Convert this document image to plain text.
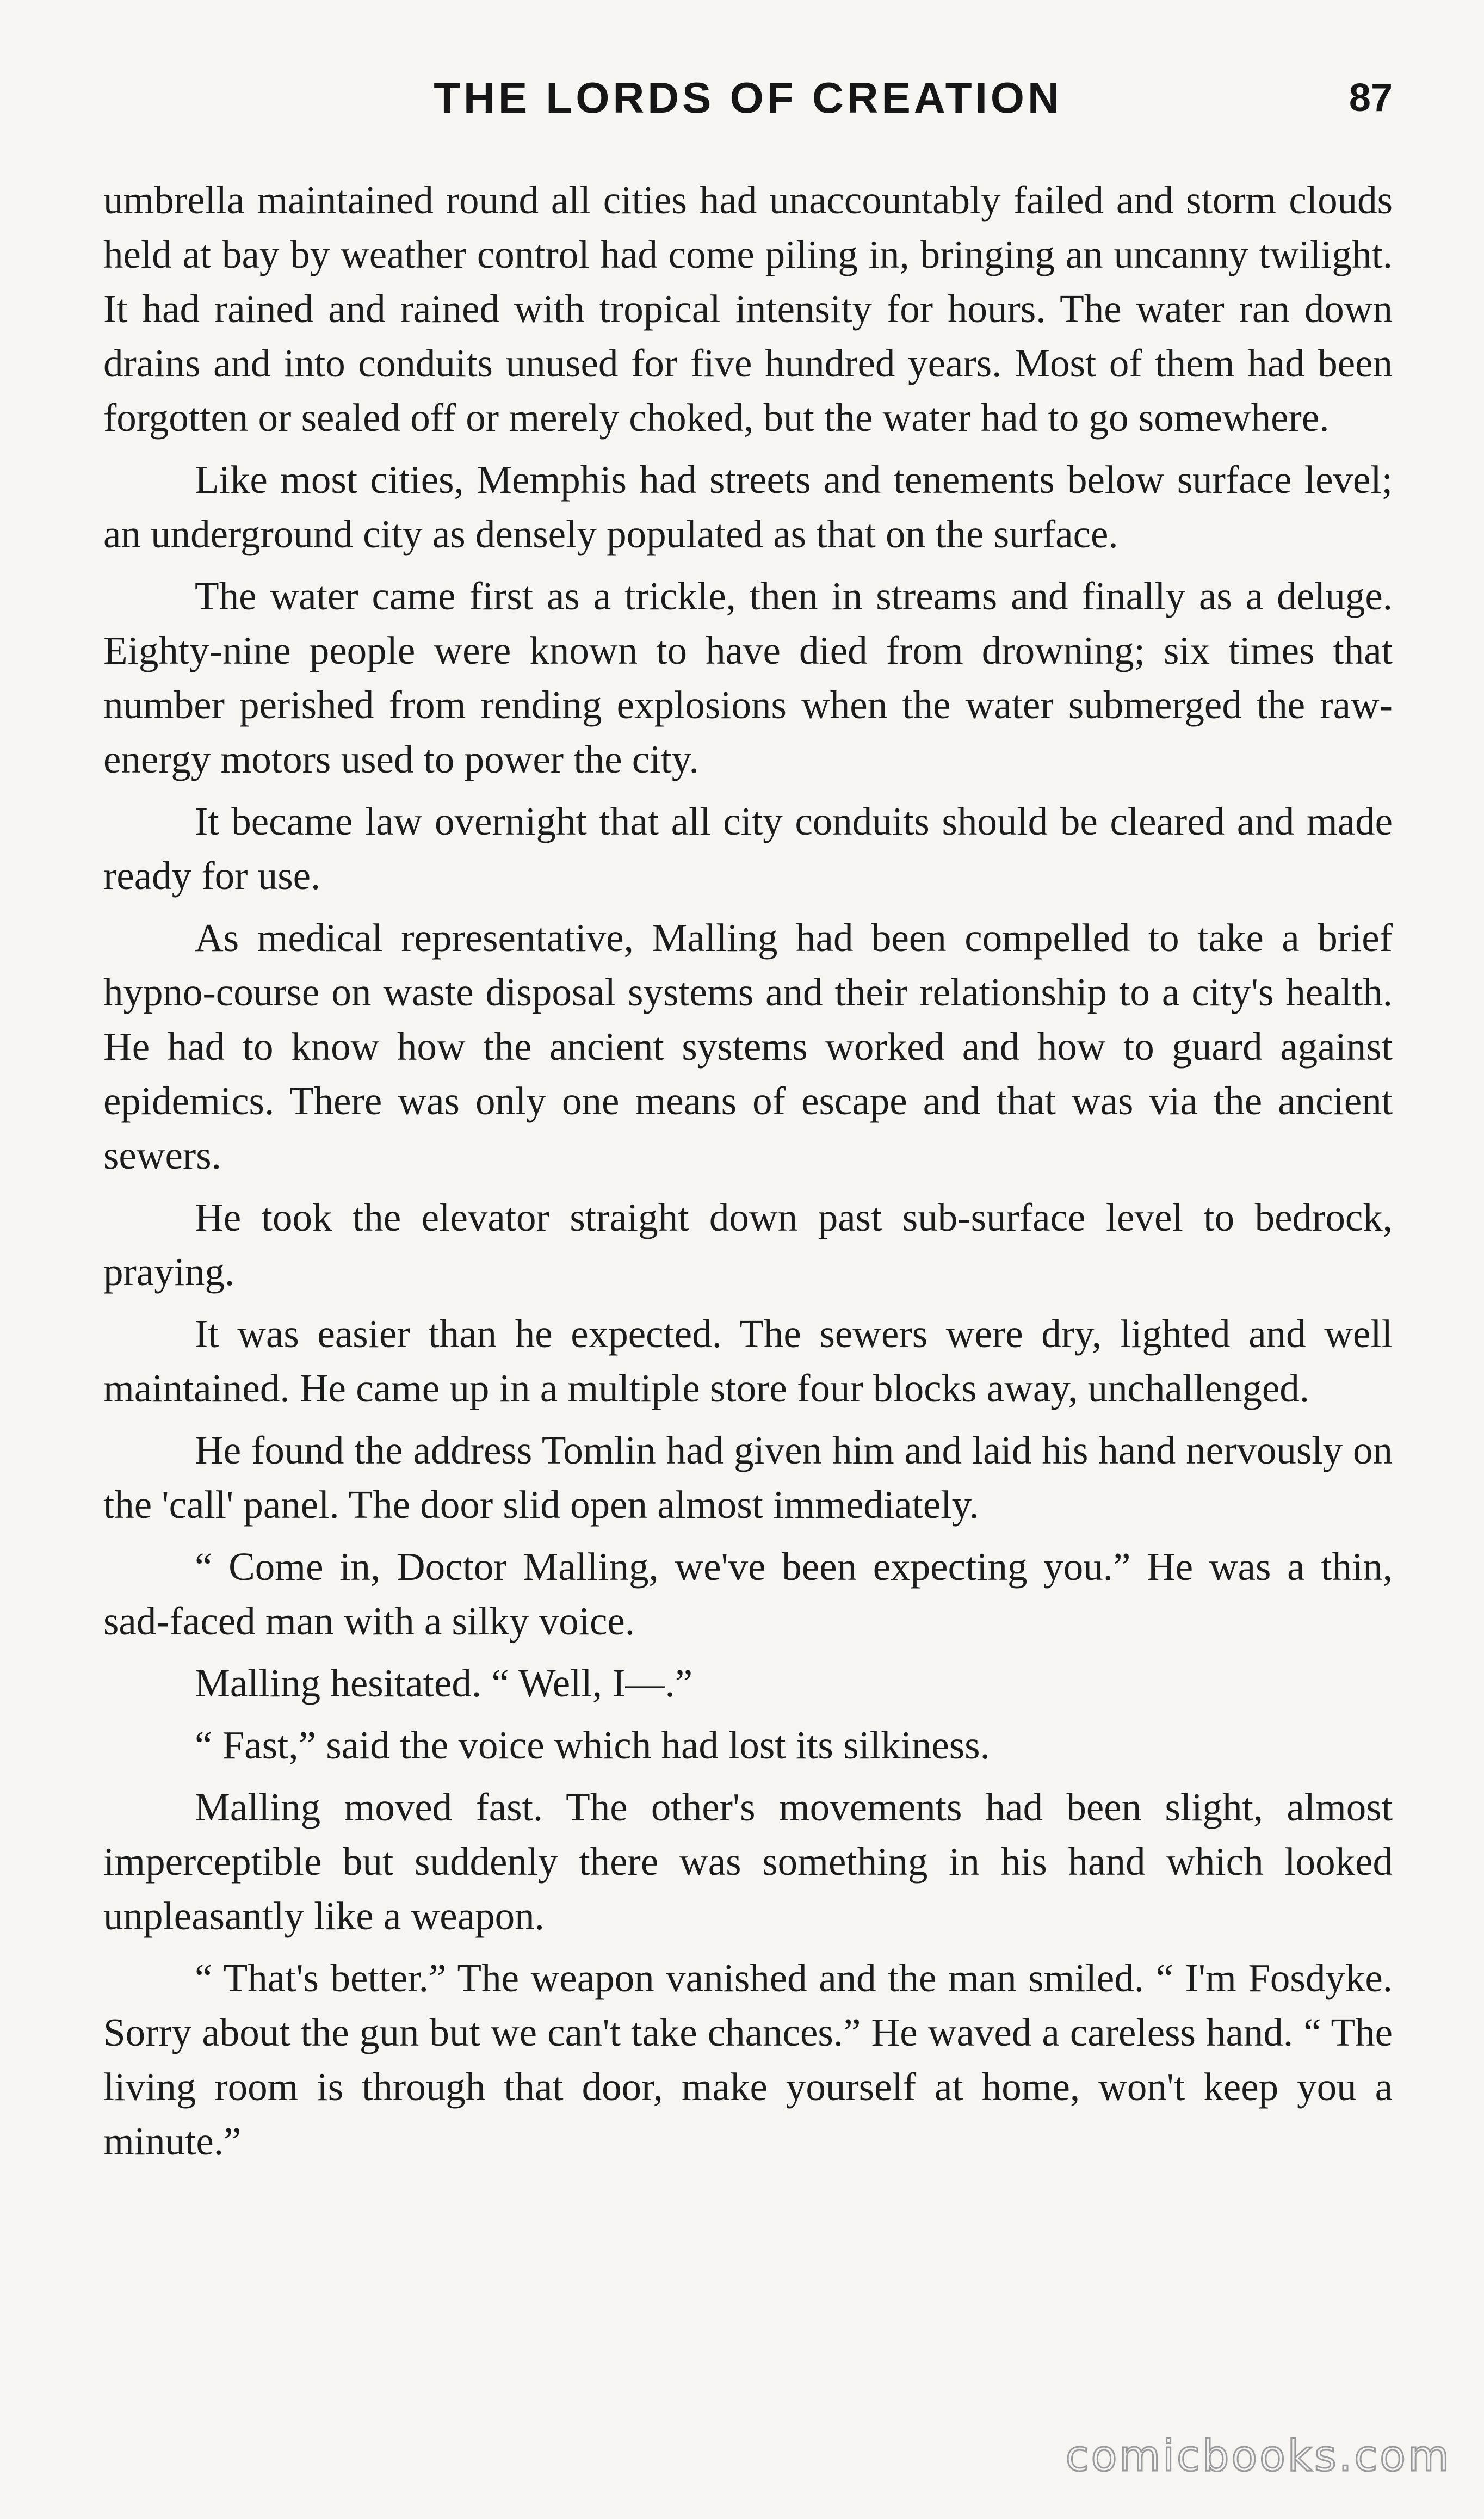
THE LORDS OF CREATION	87

umbrella maintained round all cities had unaccountably failed and storm clouds held at bay by weather control had come piling in, bringing an uncanny twilight. It had rained and rained with tropical intensity for hours. The water ran down drains and into conduits unused for five hundred years. Most of them had been forgotten or sealed off or merely choked, but the water had to go somewhere.

Like most cities, Memphis had streets and tenements below surface level; an underground city as densely populated as that on the surface.

The water came first as a trickle, then in streams and finally as a deluge. Eighty-nine people were known to have died from drowning; six times that number perished from rending explosions when the water submerged the raw-energy motors used to power the city.

It became law overnight that all city conduits should be cleared and made ready for use.

As medical representative, Malling had been compelled to take a brief hypno-course on waste disposal systems and their relationship to a city's health. He had to know how the ancient systems worked and how to guard against epidemics. There was only one means of escape and that was via the ancient sewers.

He took the elevator straight down past sub-surface level to bedrock, praying.

It was easier than he expected. The sewers were dry, lighted and well maintained. He came up in a multiple store four blocks away, unchallenged.

He found the address Tomlin had given him and laid his hand nervously on the 'call' panel. The door slid open almost immediately.

“ Come in, Doctor Malling, we've been expecting you.” He was a thin, sad-faced man with a silky voice.

Malling hesitated. “ Well, I—.”

“ Fast,” said the voice which had lost its silkiness.

Malling moved fast. The other's movements had been slight, almost imperceptible but suddenly there was something in his hand which looked unpleasantly like a weapon.

“ That's better.” The weapon vanished and the man smiled. “ I'm Fosdyke. Sorry about the gun but we can't take chances.” He waved a careless hand. “ The living room is through that door, make yourself at home, won't keep you a minute.”

comicbooks.com
